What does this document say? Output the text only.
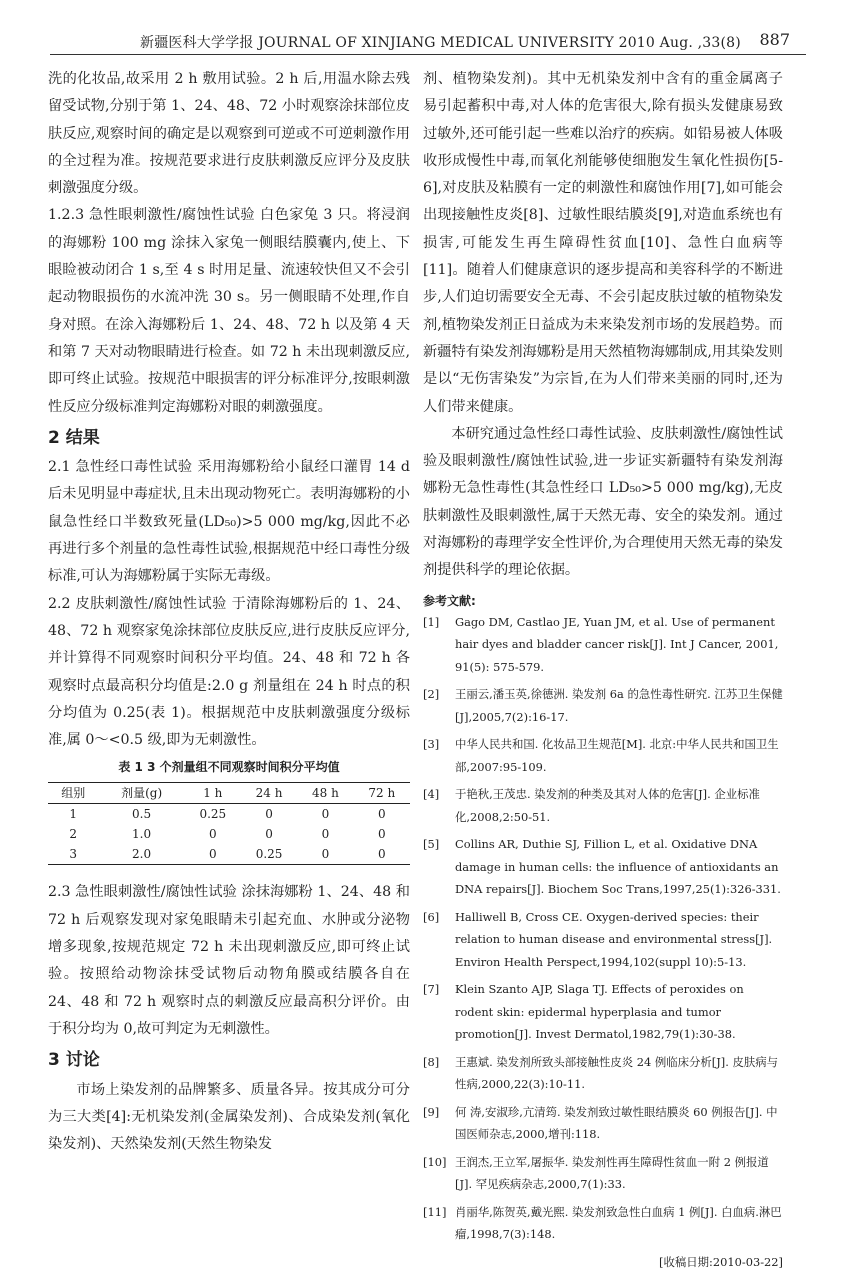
新疆医科大学学报 JOURNAL OF XINJIANG MEDICAL UNIVERSITY 2010 Aug. ,33(8) 887

洗的化妆品,故采用 2 h 敷用试验。2 h 后,用温水除去残留受试物,分别于第 1、24、48、72 小时观察涂抹部位皮肤反应,观察时间的确定是以观察到可逆或不可逆刺激作用的全过程为准。按规范要求进行皮肤刺激反应评分及皮肤刺激强度分级。

1.2.3 急性眼刺激性/腐蚀性试验 白色家兔 3 只。将浸润的海娜粉 100 mg 涂抹入家兔一侧眼结膜囊内,使上、下眼睑被动闭合 1 s,至 4 s 时用足量、流速较快但又不会引起动物眼损伤的水流冲洗 30 s。另一侧眼睛不处理,作自身对照。在涂入海娜粉后 1、24、48、72 h 以及第 4 天和第 7 天对动物眼睛进行检查。如 72 h 未出现刺激反应,即可终止试验。按规范中眼损害的评分标准评分,按眼刺激性反应分级标准判定海娜粉对眼的刺激强度。

2 结果

2.1 急性经口毒性试验 采用海娜粉给小鼠经口灌胃 14 d 后未见明显中毒症状,且未出现动物死亡。表明海娜粉的小鼠急性经口半数致死量(LD₅₀)>5 000 mg/kg,因此不必再进行多个剂量的急性毒性试验,根据规范中经口毒性分级标准,可认为海娜粉属于实际无毒级。

2.2 皮肤刺激性/腐蚀性试验 于清除海娜粉后的 1、24、48、72 h 观察家兔涂抹部位皮肤反应,进行皮肤反应评分,并计算得不同观察时间积分平均值。24、48 和 72 h 各观察时点最高积分均值是:2.0 g 剂量组在 24 h 时点的积分均值为 0.25(表 1)。根据规范中皮肤刺激强度分级标准,属 0～<0.5 级,即为无刺激性。

表 1 3 个剂量组不同观察时间积分平均值
组别	剂量(g)	1 h	24 h	48 h	72 h
1	0.5	0.25	0	0	0
2	1.0	0	0	0	0
3	2.0	0	0.25	0	0

2.3 急性眼刺激性/腐蚀性试验 涂抹海娜粉 1、24、48 和 72 h 后观察发现对家兔眼睛未引起充血、水肿或分泌物增多现象,按规范规定 72 h 未出现刺激反应,即可终止试验。按照给动物涂抹受试物后动物角膜或结膜各自在 24、48 和 72 h 观察时点的刺激反应最高积分评价。由于积分均为 0,故可判定为无刺激性。

3 讨论

市场上染发剂的品牌繁多、质量各异。按其成分可分为三大类[4]:无机染发剂(金属染发剂)、合成染发剂(氧化染发剂)、天然染发剂(天然生物染发

剂、植物染发剂)。其中无机染发剂中含有的重金属离子易引起蓄积中毒,对人体的危害很大,除有损头发健康易致过敏外,还可能引起一些难以治疗的疾病。如铅易被人体吸收形成慢性中毒,而氧化剂能够使细胞发生氧化性损伤[5-6],对皮肤及粘膜有一定的刺激性和腐蚀作用[7],如可能会出现接触性皮炎[8]、过敏性眼结膜炎[9],对造血系统也有损害,可能发生再生障碍性贫血[10]、急性白血病等[11]。随着人们健康意识的逐步提高和美容科学的不断进步,人们迫切需要安全无毒、不会引起皮肤过敏的植物染发剂,植物染发剂正日益成为未来染发剂市场的发展趋势。而新疆特有染发剂海娜粉是用天然植物海娜制成,用其染发则是以“无伤害染发”为宗旨,在为人们带来美丽的同时,还为人们带来健康。

本研究通过急性经口毒性试验、皮肤刺激性/腐蚀性试验及眼刺激性/腐蚀性试验,进一步证实新疆特有染发剂海娜粉无急性毒性(其急性经口 LD₅₀>5 000 mg/kg),无皮肤刺激性及眼刺激性,属于天然无毒、安全的染发剂。通过对海娜粉的毒理学安全性评价,为合理使用天然无毒的染发剂提供科学的理论依据。

参考文献:
[1]	Gago DM, Castlao JE, Yuan JM, et al. Use of permanent hair dyes and bladder cancer risk[J]. Int J Cancer, 2001, 91(5): 575-579.
[2]	王丽云,潘玉英,徐德洲. 染发剂 6a 的急性毒性研究. 江苏卫生保健[J],2005,7(2):16-17.
[3]	中华人民共和国. 化妆品卫生规范[M]. 北京:中华人民共和国卫生部,2007:95-109.
[4]	于艳秋,王茂忠. 染发剂的种类及其对人体的危害[J]. 企业标准化,2008,2:50-51.
[5]	Collins AR, Duthie SJ, Fillion L, et al. Oxidative DNA damage in human cells: the influence of antioxidants an DNA repairs[J]. Biochem Soc Trans,1997,25(1):326-331.
[6]	Halliwell B, Cross CE. Oxygen-derived species: their relation to human disease and environmental stress[J]. Environ Health Perspect,1994,102(suppl 10):5-13.
[7]	Klein Szanto AJP, Slaga TJ. Effects of peroxides on rodent skin: epidermal hyperplasia and tumor promotion[J]. Invest Dermatol,1982,79(1):30-38.
[8]	王惠斌. 染发剂所致头部接触性皮炎 24 例临床分析[J]. 皮肤病与性病,2000,22(3):10-11.
[9]	何 涛,安淑珍,亢清筠. 染发剂致过敏性眼结膜炎 60 例报告[J]. 中国医师杂志,2000,增刊:118.
[10] 王润杰,王立军,屠振华. 染发剂性再生障碍性贫血一附 2 例报道[J]. 罕见疾病杂志,2000,7(1):33.
[11] 肖丽华,陈贺英,戴光熙. 染发剂致急性白血病 1 例[J]. 白血病.淋巴瘤,1998,7(3):148.
[收稿日期:2010-03-22]
